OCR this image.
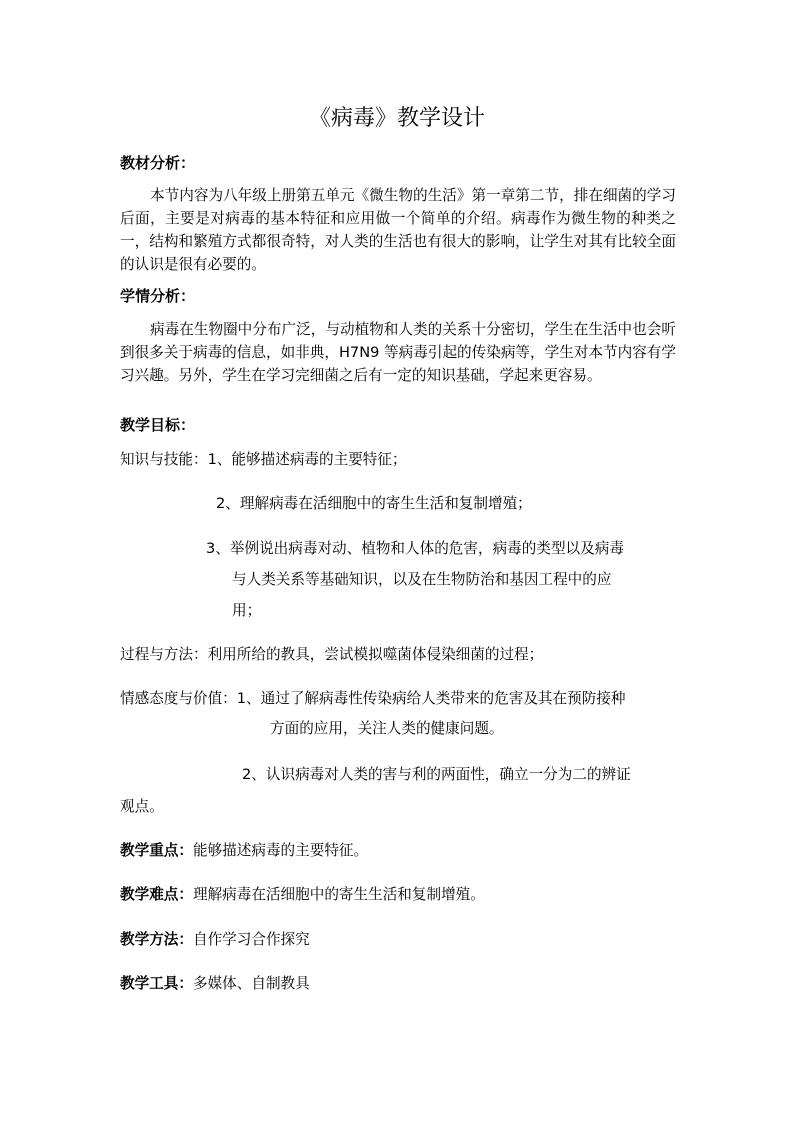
《病毒》教学设计
教材分析：
本节内容为八年级上册第五单元《微生物的生活》第一章第二节，排在细菌的学习后面，主要是对病毒的基本特征和应用做一个简单的介绍。病毒作为微生物的种类之一，结构和繁殖方式都很奇特，对人类的生活也有很大的影响，让学生对其有比较全面的认识是很有必要的。
学情分析：
病毒在生物圈中分布广泛，与动植物和人类的关系十分密切，学生在生活中也会听到很多关于病毒的信息，如非典，H7N9 等病毒引起的传染病等，学生对本节内容有学习兴趣。另外，学生在学习完细菌之后有一定的知识基础，学起来更容易。
教学目标：
知识与技能：1、能够描述病毒的主要特征；
2、理解病毒在活细胞中的寄生生活和复制增殖；
3、举例说出病毒对动、植物和人体的危害，病毒的类型以及病毒
与人类关系等基础知识，以及在生物防治和基因工程中的应
用；
过程与方法：利用所给的教具，尝试模拟噬菌体侵染细菌的过程；
情感态度与价值：1、通过了解病毒性传染病给人类带来的危害及其在预防接种
方面的应用，关注人类的健康问题。
2、认识病毒对人类的害与利的两面性，确立一分为二的辨证
观点。
教学重点：能够描述病毒的主要特征。
教学难点：理解病毒在活细胞中的寄生生活和复制增殖。
教学方法：自作学习合作探究
教学工具：多媒体、自制教具
